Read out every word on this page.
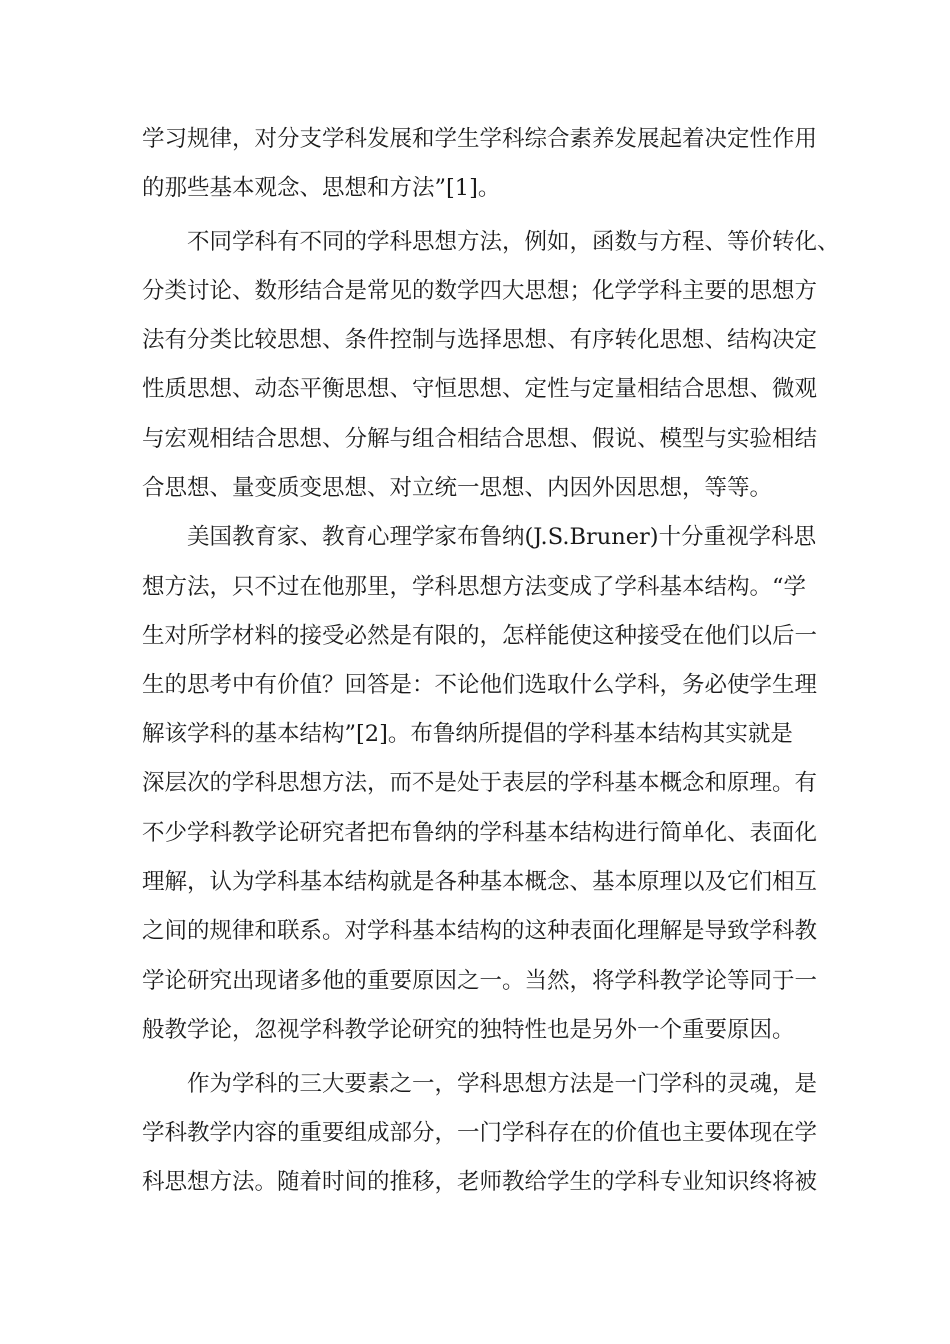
学习规律，对分支学科发展和学生学科综合素养发展起着决定性作用
的那些基本观念、思想和方法”[1]。
不同学科有不同的学科思想方法，例如，函数与方程、等价转化、
分类讨论、数形结合是常见的数学四大思想；化学学科主要的思想方
法有分类比较思想、条件控制与选择思想、有序转化思想、结构决定
性质思想、动态平衡思想、守恒思想、定性与定量相结合思想、微观
与宏观相结合思想、分解与组合相结合思想、假说、模型与实验相结
合思想、量变质变思想、对立统一思想、内因外因思想，等等。
美国教育家、教育心理学家布鲁纳(J.S.Bruner)十分重视学科思
想方法，只不过在他那里，学科思想方法变成了学科基本结构。“学
生对所学材料的接受必然是有限的，怎样能使这种接受在他们以后一
生的思考中有价值？回答是：不论他们选取什么学科，务必使学生理
解该学科的基本结构”[2]。布鲁纳所提倡的学科基本结构其实就是
深层次的学科思想方法，而不是处于表层的学科基本概念和原理。有
不少学科教学论研究者把布鲁纳的学科基本结构进行简单化、表面化
理解，认为学科基本结构就是各种基本概念、基本原理以及它们相互
之间的规律和联系。对学科基本结构的这种表面化理解是导致学科教
学论研究出现诸多他的重要原因之一。当然，将学科教学论等同于一
般教学论，忽视学科教学论研究的独特性也是另外一个重要原因。
作为学科的三大要素之一，学科思想方法是一门学科的灵魂，是
学科教学内容的重要组成部分，一门学科存在的价值也主要体现在学
科思想方法。随着时间的推移，老师教给学生的学科专业知识终将被
